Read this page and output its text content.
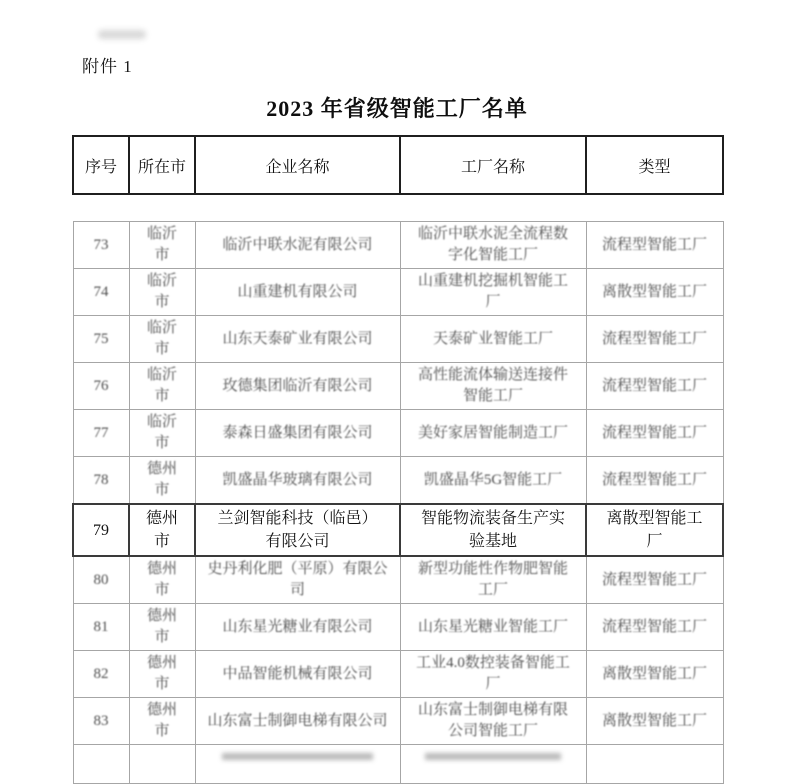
附件 1
2023 年省级智能工厂名单
序号	所在市	企业名称	工厂名称	类型
73	临沂市	临沂中联水泥有限公司	临沂中联水泥全流程数字化智能工厂	流程型智能工厂
74	临沂市	山重建机有限公司	山重建机挖掘机智能工厂	离散型智能工厂
75	临沂市	山东天泰矿业有限公司	天泰矿业智能工厂	流程型智能工厂
76	临沂市	玫德集团临沂有限公司	高性能流体输送连接件智能工厂	流程型智能工厂
77	临沂市	泰森日盛集团有限公司	美好家居智能制造工厂	流程型智能工厂
78	德州市	凯盛晶华玻璃有限公司	凯盛晶华5G智能工厂	流程型智能工厂
79	德州市	兰剑智能科技（临邑）有限公司	智能物流装备生产实验基地	离散型智能工厂
80	德州市	史丹利化肥（平原）有限公司	新型功能性作物肥智能工厂	流程型智能工厂
81	德州市	山东星光糖业有限公司	山东星光糖业智能工厂	流程型智能工厂
82	德州市	中品智能机械有限公司	工业4.0数控装备智能工厂	离散型智能工厂
83	德州市	山东富士制御电梯有限公司	山东富士制御电梯有限公司智能工厂	离散型智能工厂
